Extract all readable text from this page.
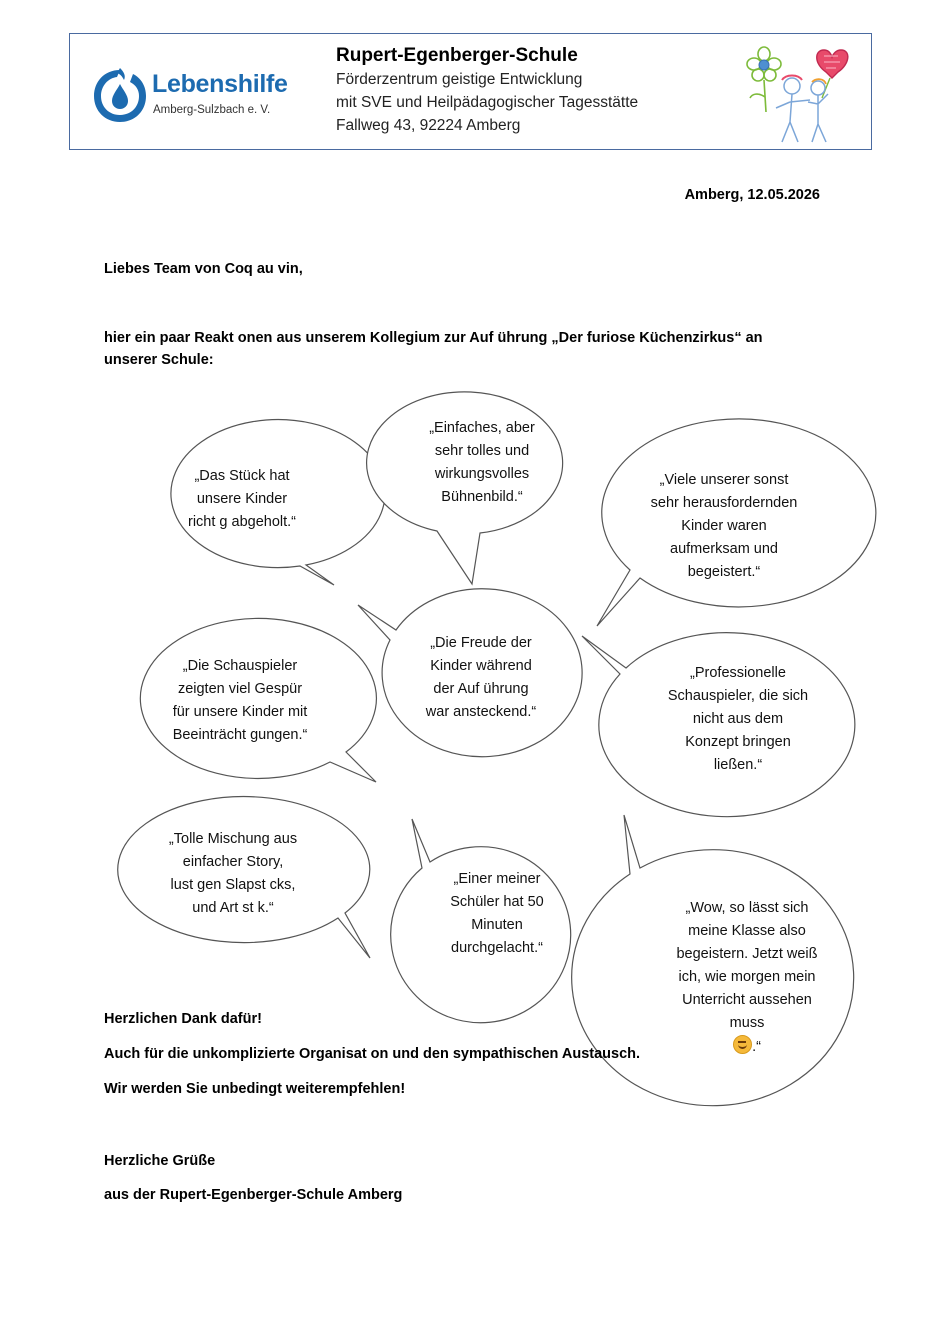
Lebenshilfe
Amberg-Sulzbach e. V.
Rupert-Egenberger-Schule
Förderzentrum geistige Entwicklung
mit SVE und Heilpädagogischer Tagesstätte
Fallweg 43, 92224 Amberg
Amberg, 12.05.2026
Liebes Team von Coq au vin,
hier ein paar Reakt onen aus unserem Kollegium zur Auf ührung „Der furiose Küchenzirkus“ an unserer Schule:
„Das Stück hat
unsere Kinder
richt g abgeholt.“
„Einfaches, aber
sehr tolles und
wirkungsvolles
Bühnenbild.“
„Viele unserer sonst
sehr herausfordernden
Kinder waren
aufmerksam und
begeistert.“
„Die Schauspieler
zeigten viel Gespür
für unsere Kinder mit
Beeinträcht gungen.“
„Die Freude der
Kinder während
der Auf ührung
war ansteckend.“
„Professionelle
Schauspieler, die sich
nicht aus dem
Konzept bringen
ließen.“
„Tolle Mischung aus
einfacher Story,
lust gen Slapst cks,
und Art st k.“
„Einer meiner
Schüler hat 50
Minuten
durchgelacht.“

„Wow, so lässt sich
meine Klasse also
begeistern. Jetzt weiß
ich, wie morgen mein
Unterricht aussehen
muss
.“

Herzlichen Dank dafür!
Auch für die unkomplizierte Organisat on und den sympathischen Austausch.
Wir werden Sie unbedingt weiterempfehlen!
Herzliche Grüße
aus der Rupert-Egenberger-Schule Amberg
